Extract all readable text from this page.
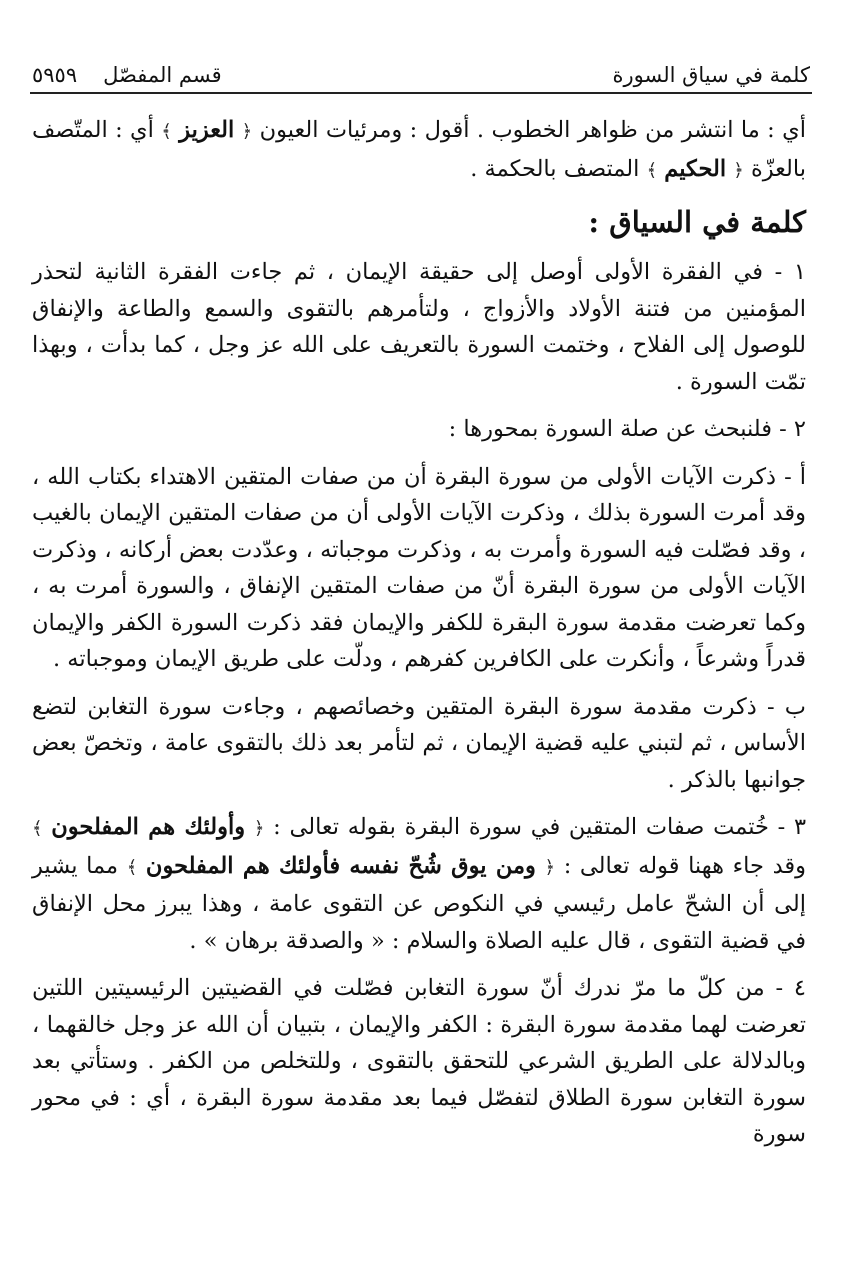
كلمة في سياق السورة
قسم المفصّل
٥٩٥٩

أي : ما انتشر من ظواهر الخطوب . أقول : ومرئيات العيون ﴿ العزيز ﴾ أي : المتّصف بالعزّة ﴿ الحكيم ﴾ المتصف بالحكمة .

كلمة في السياق :

١ - في الفقرة الأولى أوصل إلى حقيقة الإيمان ، ثم جاءت الفقرة الثانية لتحذر المؤمنين من فتنة الأولاد والأزواج ، ولتأمرهم بالتقوى والسمع والطاعة والإنفاق للوصول إلى الفلاح ، وختمت السورة بالتعريف على الله عز وجل ، كما بدأت ، وبهذا تمّت السورة .

٢ - فلنبحث عن صلة السورة بمحورها :

أ - ذكرت الآيات الأولى من سورة البقرة أن من صفات المتقين الاهتداء بكتاب الله ، وقد أمرت السورة بذلك ، وذكرت الآيات الأولى أن من صفات المتقين الإيمان بالغيب ، وقد فصّلت فيه السورة وأمرت به ، وذكرت موجباته ، وعدّدت بعض أركانه ، وذكرت الآيات الأولى من سورة البقرة أنّ من صفات المتقين الإنفاق ، والسورة أمرت به ، وكما تعرضت مقدمة سورة البقرة للكفر والإيمان فقد ذكرت السورة الكفر والإيمان قدراً وشرعاً ، وأنكرت على الكافرين كفرهم ، ودلّت على طريق الإيمان وموجباته .

ب - ذكرت مقدمة سورة البقرة المتقين وخصائصهم ، وجاءت سورة التغابن لتضع الأساس ، ثم لتبني عليه قضية الإيمان ، ثم لتأمر بعد ذلك بالتقوى عامة ، وتخصّ بعض جوانبها بالذكر .

٣ - خُتمت صفات المتقين في سورة البقرة بقوله تعالى : ﴿ وأولئك هم المفلحون ﴾ وقد جاء ههنا قوله تعالى : ﴿ ومن يوق شُحّ نفسه فأولئك هم المفلحون ﴾ مما يشير إلى أن الشحّ عامل رئيسي في النكوص عن التقوى عامة ، وهذا يبرز محل الإنفاق في قضية التقوى ، قال عليه الصلاة والسلام : « والصدقة برهان » .

٤ - من كلّ ما مرّ ندرك أنّ سورة التغابن فصّلت في القضيتين الرئيسيتين اللتين تعرضت لهما مقدمة سورة البقرة : الكفر والإيمان ، بتبيان أن الله عز وجل خالقهما ، وبالدلالة على الطريق الشرعي للتحقق بالتقوى ، وللتخلص من الكفر . وستأتي بعد سورة التغابن سورة الطلاق لتفصّل فيما بعد مقدمة سورة البقرة ، أي : في محور سورة
